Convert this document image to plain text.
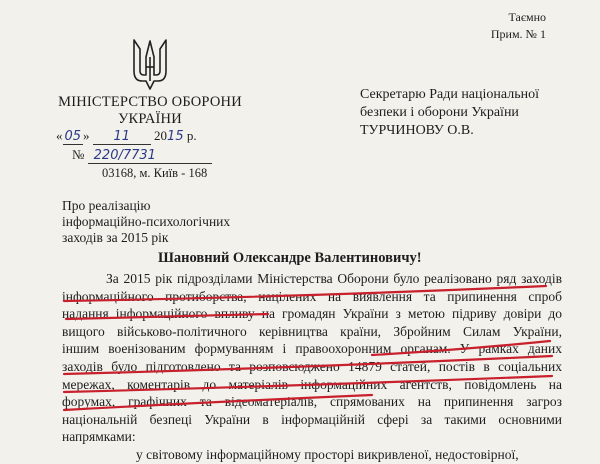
Таємно
Прим. № 1
МІНІСТЕРСТВО ОБОРОНИ
УКРАЇНИ
« 05 » 11 2015 р.
№ 220/7731
03168, м. Київ - 168
Секретарю Ради національної
безпеки і оборони України
ТУРЧИНОВУ О.В.
Про реалізацію
інформаційно-психологічних
заходів за 2015 рік
Шановний Олександре Валентиновичу!
За 2015 рік підрозділами Міністерства Оборони було реалізовано ряд заходів
інформаційного протиборства, націлених на виявлення та припинення спроб
надання інформаційного впливу на громадян України з метою підриву довіри до
вищого військово-політичного керівництва країни, Збройним Силам України,
іншим военізованим формуванням і правоохоронним органам. У рамках даних
заходів було підготовлено та розповсюджено 14879 статей, постів в соціальних
мережах, коментарів до матеріалів інформаційних агентств, повідомлень на
форумах, графічних та відеоматеріалів, спрямованих на припинення загроз
національній безпеці України в інформаційній сфері за такими основними
напрямками:
у світовому інформаційному просторі викривленої, недостовірної,
